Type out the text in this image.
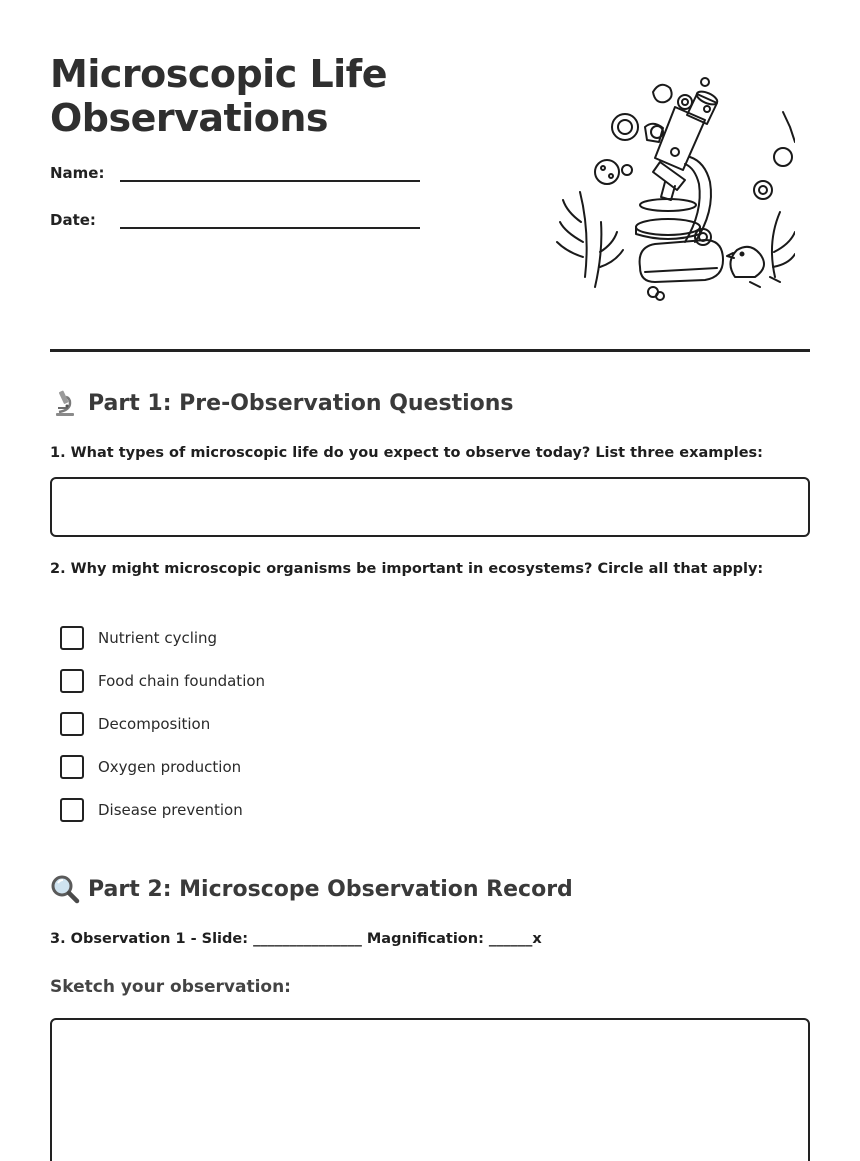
Microscopic Life
Observations
Name:
Date:
Part 1: Pre-Observation Questions
1. What types of microscopic life do you expect to observe today? List three examples:
2. Why might microscopic organisms be important in ecosystems? Circle all that apply:
Nutrient cycling
Food chain foundation
Decomposition
Oxygen production
Disease prevention
Part 2: Microscope Observation Record
3. Observation 1 - Slide: _______________ Magnification: ______x
Sketch your observation:
